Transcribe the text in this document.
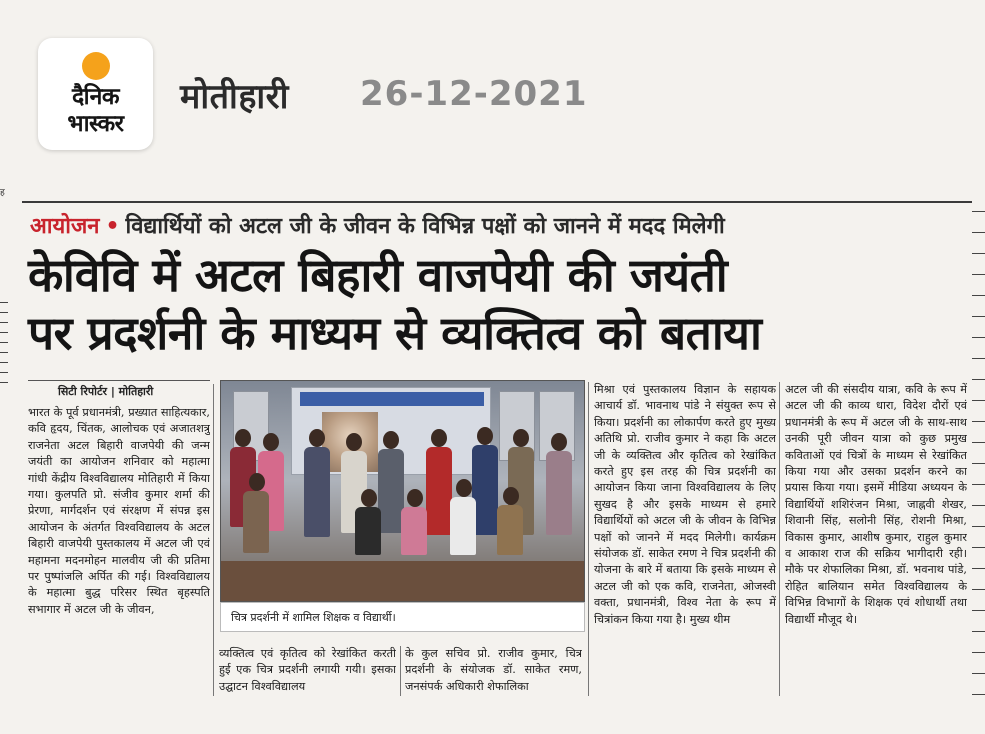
दैनिक
भास्कर
मोतीहारी 26-12-2021
ह
आयोजन • विद्यार्थियों को अटल जी के जीवन के विभिन्न पक्षों को जानने में मदद मिलेगी
केविवि में अटल बिहारी वाजपेयी की जयंती
पर प्रदर्शनी के माध्यम से व्यक्तित्व को बताया
सिटी रिपोर्टर | मोतिहारी
भारत के पूर्व प्रधानमंत्री, प्रख्यात साहित्यकार, कवि हृदय, चिंतक, आलोचक एवं अजातशत्रु राजनेता अटल बिहारी वाजपेयी की जन्म जयंती का आयोजन शनिवार को महात्मा गांधी केंद्रीय विश्वविद्यालय मोतिहारी में किया गया। कुलपति प्रो. संजीव कुमार शर्मा की प्रेरणा, मार्गदर्शन एवं संरक्षण में संपन्न इस आयोजन के अंतर्गत विश्वविद्यालय के अटल बिहारी वाजपेयी पुस्तकालय में अटल जी एवं महामना मदनमोहन मालवीय जी की प्रतिमा पर पुष्पांजलि अर्पित की गई। विश्वविद्यालय के महात्मा बुद्ध परिसर स्थित बृहस्पति सभागार में अटल जी के जीवन,
व्यक्तित्व एवं कृतित्व को रेखांकित करती हुई एक चित्र प्रदर्शनी लगायी गयी। इसका उद्घाटन विश्वविद्यालय
के कुल सचिव प्रो. राजीव कुमार, चित्र प्रदर्शनी के संयोजक डॉ. साकेत रमण, जनसंपर्क अधिकारी शेफालिका
मिश्रा एवं पुस्तकालय विज्ञान के सहायक आचार्य डॉ. भावनाथ पांडे ने संयुक्त रूप से किया। प्रदर्शनी का लोकार्पण करते हुए मुख्य अतिथि प्रो. राजीव कुमार ने कहा कि अटल जी के व्यक्तित्व और कृतित्व को रेखांकित करते हुए इस तरह की चित्र प्रदर्शनी का आयोजन किया जाना विश्वविद्यालय के लिए सुखद है और इसके माध्यम से हमारे विद्यार्थियों को अटल जी के जीवन के विभिन्न पक्षों को जानने में मदद मिलेगी। कार्यक्रम संयोजक डॉ. साकेत रमण ने चित्र प्रदर्शनी की योजना के बारे में बताया कि इसके माध्यम से अटल जी को एक कवि, राजनेता, ओजस्वी वक्ता, प्रधानमंत्री, विश्व नेता के रूप में चित्रांकन किया गया है। मुख्य थीम
अटल जी की संसदीय यात्रा, कवि के रूप में अटल जी की काव्य धारा, विदेश दौरों एवं प्रधानमंत्री के रूप में अटल जी के साथ-साथ उनकी पूरी जीवन यात्रा को कुछ प्रमुख कविताओं एवं चित्रों के माध्यम से रेखांकित किया गया और उसका प्रदर्शन करने का प्रयास किया गया। इसमें मीडिया अध्ययन के विद्यार्थियों शशिरंजन मिश्रा, जाह्नवी शेखर, शिवानी सिंह, सलोनी सिंह, रोशनी मिश्रा, विकास कुमार, आशीष कुमार, राहुल कुमार व आकाश राज की सक्रिय भागीदारी रही। मौके पर शेफालिका मिश्रा, डॉ. भवनाथ पांडे, रोहित बालियान समेत विश्वविद्यालय के विभिन्न विभागों के शिक्षक एवं शोधार्थी तथा विद्यार्थी मौजूद थे।
चित्र प्रदर्शनी में शामिल शिक्षक व विद्यार्थी।
